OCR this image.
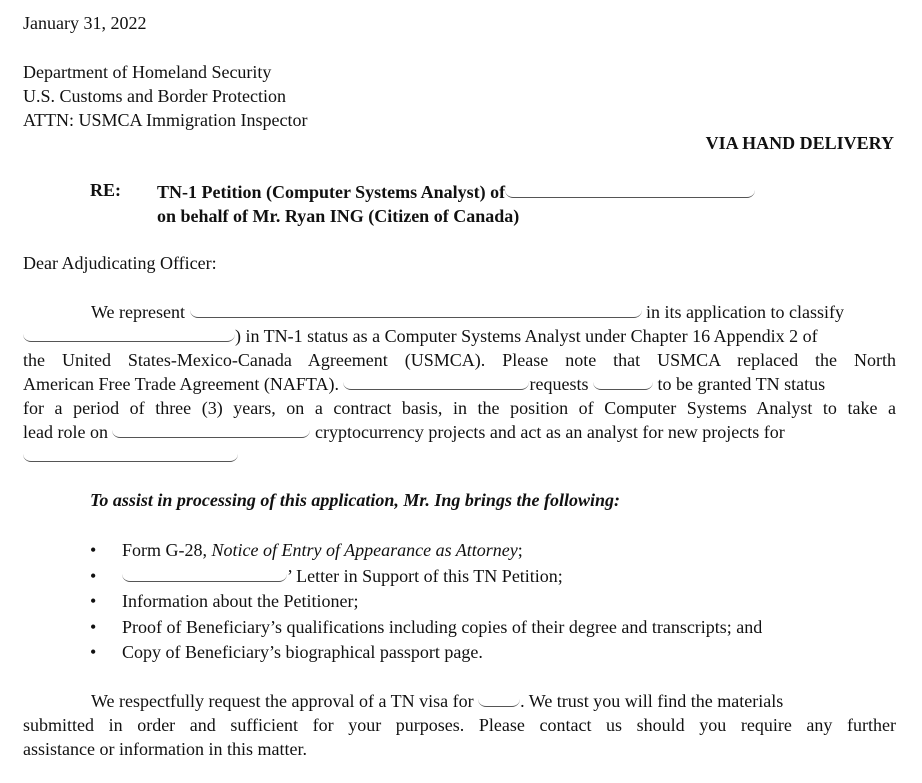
January 31, 2022
Department of Homeland Security
U.S. Customs and Border Protection
ATTN: USMCA Immigration Inspector
VIA HAND DELIVERY
RE: TN-1 Petition (Computer Systems Analyst) of
on behalf of Mr. Ryan ING (Citizen of Canada)
Dear Adjudicating Officer:
We represent	in its application to classify
) in TN-1 status as a Computer Systems Analyst under Chapter 16 Appendix 2 of
the United States-Mexico-Canada Agreement (USMCA). Please note that USMCA replaced the North
American Free Trade Agreement (NAFTA).	requests	to be granted TN status
for a period of three (3) years, on a contract basis, in the position of Computer Systems Analyst to take a
lead role on	cryptocurrency projects and act as an analyst for new projects for
To assist in processing of this application, Mr. Ing brings the following:
• Form G-28, Notice of Entry of Appearance as Attorney;
•	’ Letter in Support of this TN Petition;
• Information about the Petitioner;
• Proof of Beneficiary’s qualifications including copies of their degree and transcripts; and
• Copy of Beneficiary’s biographical passport page.
We respectfully request the approval of a TN visa for	. We trust you will find the materials
submitted in order and sufficient for your purposes. Please contact us should you require any further
assistance or information in this matter.
